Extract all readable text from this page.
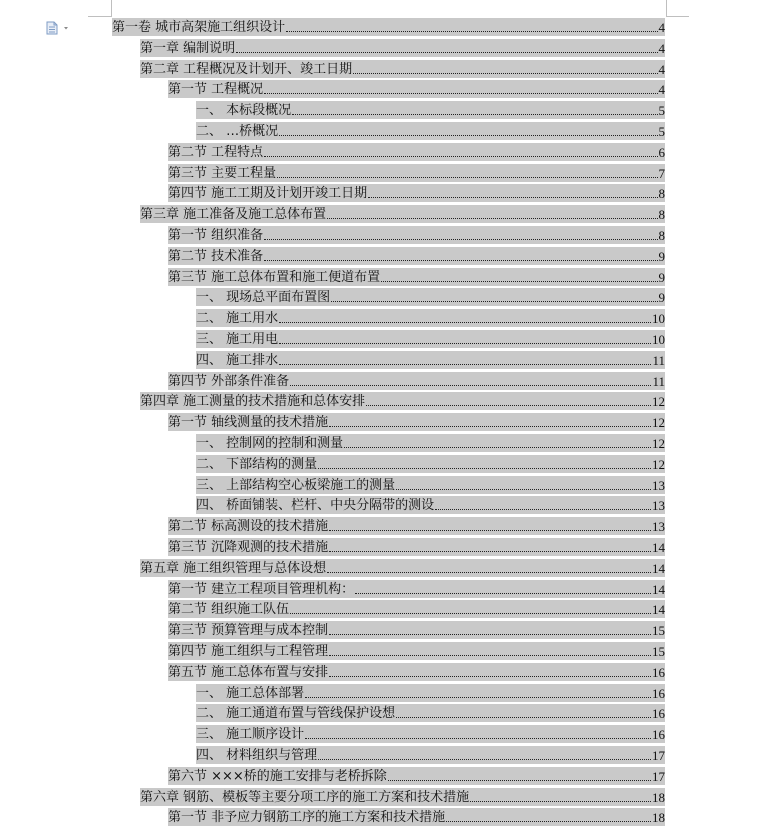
第一卷 城市高架施工组织设计	4
第一章 编制说明	4
第二章 工程概况及计划开、竣工日期	4
第一节 工程概况	4
一、 本标段概况	5
二、 …桥概况	5
第二节 工程特点	6
第三节 主要工程量	7
第四节 施工工期及计划开竣工日期	8
第三章 施工准备及施工总体布置	8
第一节 组织准备	8
第二节 技术准备	9
第三节 施工总体布置和施工便道布置	9
一、 现场总平面布置图	9
二、 施工用水	10
三、 施工用电	10
四、 施工排水	11
第四节 外部条件准备	11
第四章 施工测量的技术措施和总体安排	12
第一节 轴线测量的技术措施	12
一、 控制网的控制和测量	12
二、 下部结构的测量	12
三、 上部结构空心板梁施工的测量	13
四、 桥面铺装、栏杆、中央分隔带的测设	13
第二节 标高测设的技术措施	13
第三节 沉降观测的技术措施	14
第五章 施工组织管理与总体设想	14
第一节 建立工程项目管理机构：	14
第二节 组织施工队伍	14
第三节 预算管理与成本控制	15
第四节 施工组织与工程管理	15
第五节 施工总体布置与安排	16
一、 施工总体部署	16
二、 施工通道布置与管线保护设想	16
三、 施工顺序设计	16
四、 材料组织与管理	17
第六节 ×××桥的施工安排与老桥拆除	17
第六章 钢筋、模板等主要分项工序的施工方案和技术措施	18
第一节 非予应力钢筋工序的施工方案和技术措施	18
